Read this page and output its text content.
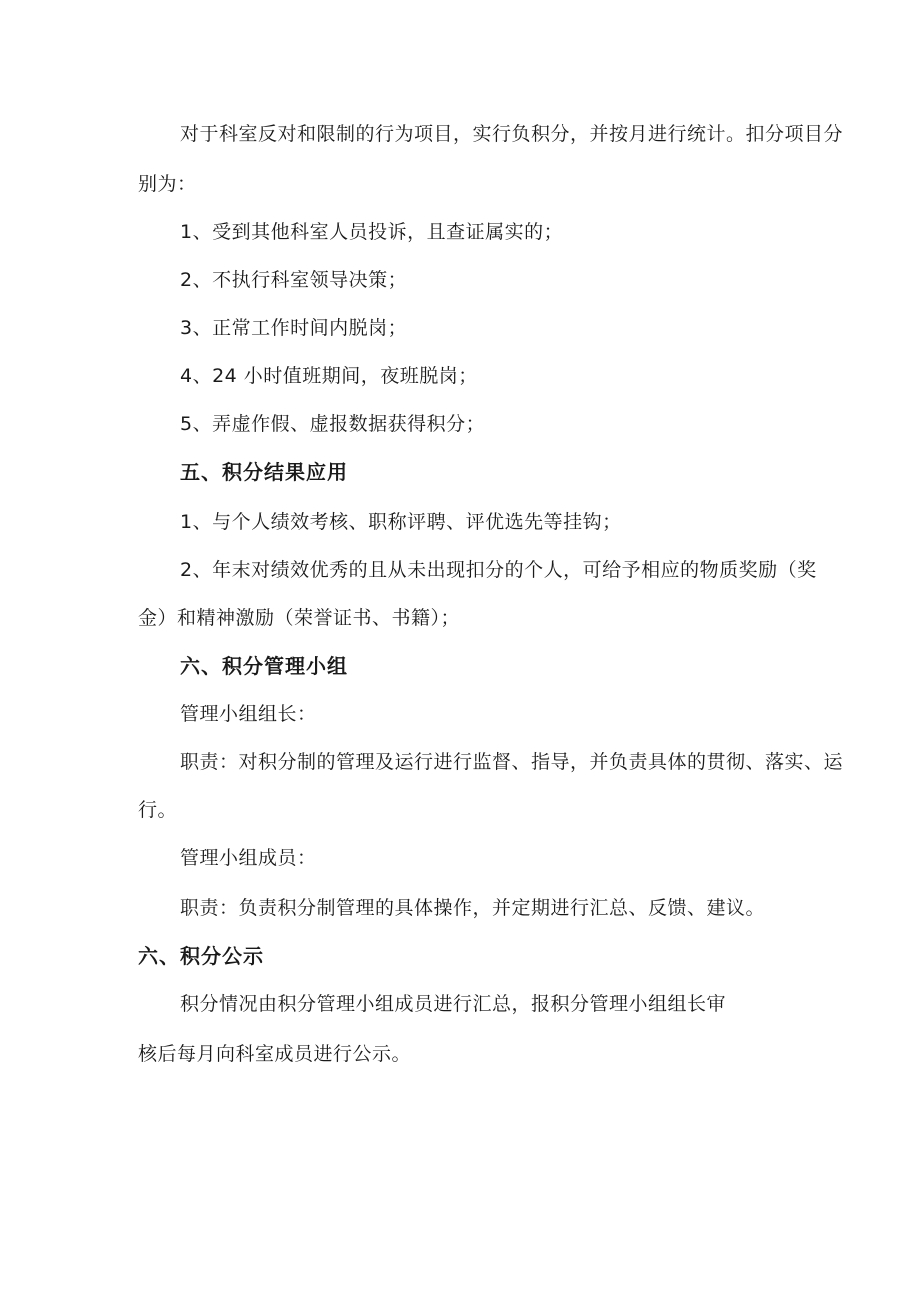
对于科室反对和限制的行为项目，实行负积分，并按月进行统计。扣分项目分
别为：
1、受到其他科室人员投诉，且查证属实的；
2、不执行科室领导决策；
3、正常工作时间内脱岗；
4、24 小时值班期间，夜班脱岗；
5、弄虚作假、虚报数据获得积分；
五、积分结果应用
1、与个人绩效考核、职称评聘、评优选先等挂钩；
2、年末对绩效优秀的且从未出现扣分的个人，可给予相应的物质奖励（奖
金）和精神激励（荣誉证书、书籍）；
六、积分管理小组
管理小组组长：
职责：对积分制的管理及运行进行监督、指导，并负责具体的贯彻、落实、运
行。
管理小组成员：
职责：负责积分制管理的具体操作，并定期进行汇总、反馈、建议。
六、积分公示
积分情况由积分管理小组成员进行汇总，报积分管理小组组长审
核后每月向科室成员进行公示。
